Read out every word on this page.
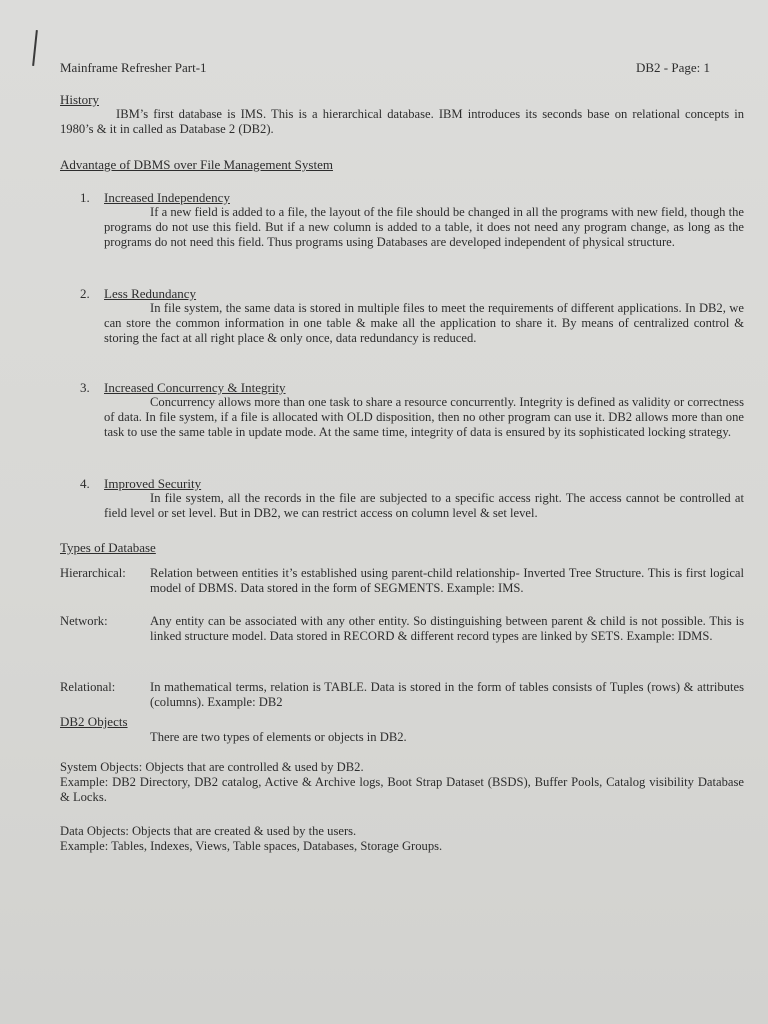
Mainframe Refresher Part-1	DB2 - Page: 1
History
IBM’s first database is IMS. This is a hierarchical database. IBM introduces its seconds base on relational concepts in 1980’s & it in called as Database 2 (DB2).
Advantage of DBMS over File Management System
1.	Increased Independency
If a new field is added to a file, the layout of the file should be changed in all the programs with new field, though the programs do not use this field. But if a new column is added to a table, it does not need any program change, as long as the programs do not need this field. Thus programs using Databases are developed independent of physical structure.
2.	Less Redundancy
In file system, the same data is stored in multiple files to meet the requirements of different applications. In DB2, we can store the common information in one table & make all the application to share it. By means of centralized control & storing the fact at all right place & only once, data redundancy is reduced.
3.	Increased Concurrency & Integrity
Concurrency allows more than one task to share a resource concurrently. Integrity is defined as validity or correctness of data. In file system, if a file is allocated with OLD disposition, then no other program can use it. DB2 allows more than one task to use the same table in update mode. At the same time, integrity of data is ensured by its sophisticated locking strategy.
4.	Improved Security
In file system, all the records in the file are subjected to a specific access right. The access cannot be controlled at field level or set level. But in DB2, we can restrict access on column level & set level.
Types of Database
Hierarchical: Relation between entities it’s established using parent-child relationship- Inverted Tree Structure. This is first logical model of DBMS. Data stored in the form of SEGMENTS. Example: IMS.
Network:	Any entity can be associated with any other entity. So distinguishing between parent & child is not possible. This is linked structure model. Data stored in RECORD & different record types are linked by SETS. Example: IDMS.
Relational:	In mathematical terms, relation is TABLE. Data is stored in the form of tables consists of Tuples (rows) & attributes (columns). Example: DB2
DB2 Objects
There are two types of elements or objects in DB2.
System Objects: Objects that are controlled & used by DB2.
Example: DB2 Directory, DB2 catalog, Active & Archive logs, Boot Strap Dataset (BSDS), Buffer Pools, Catalog visibility Database & Locks.
Data Objects: Objects that are created & used by the users.
Example: Tables, Indexes, Views, Table spaces, Databases, Storage Groups.
